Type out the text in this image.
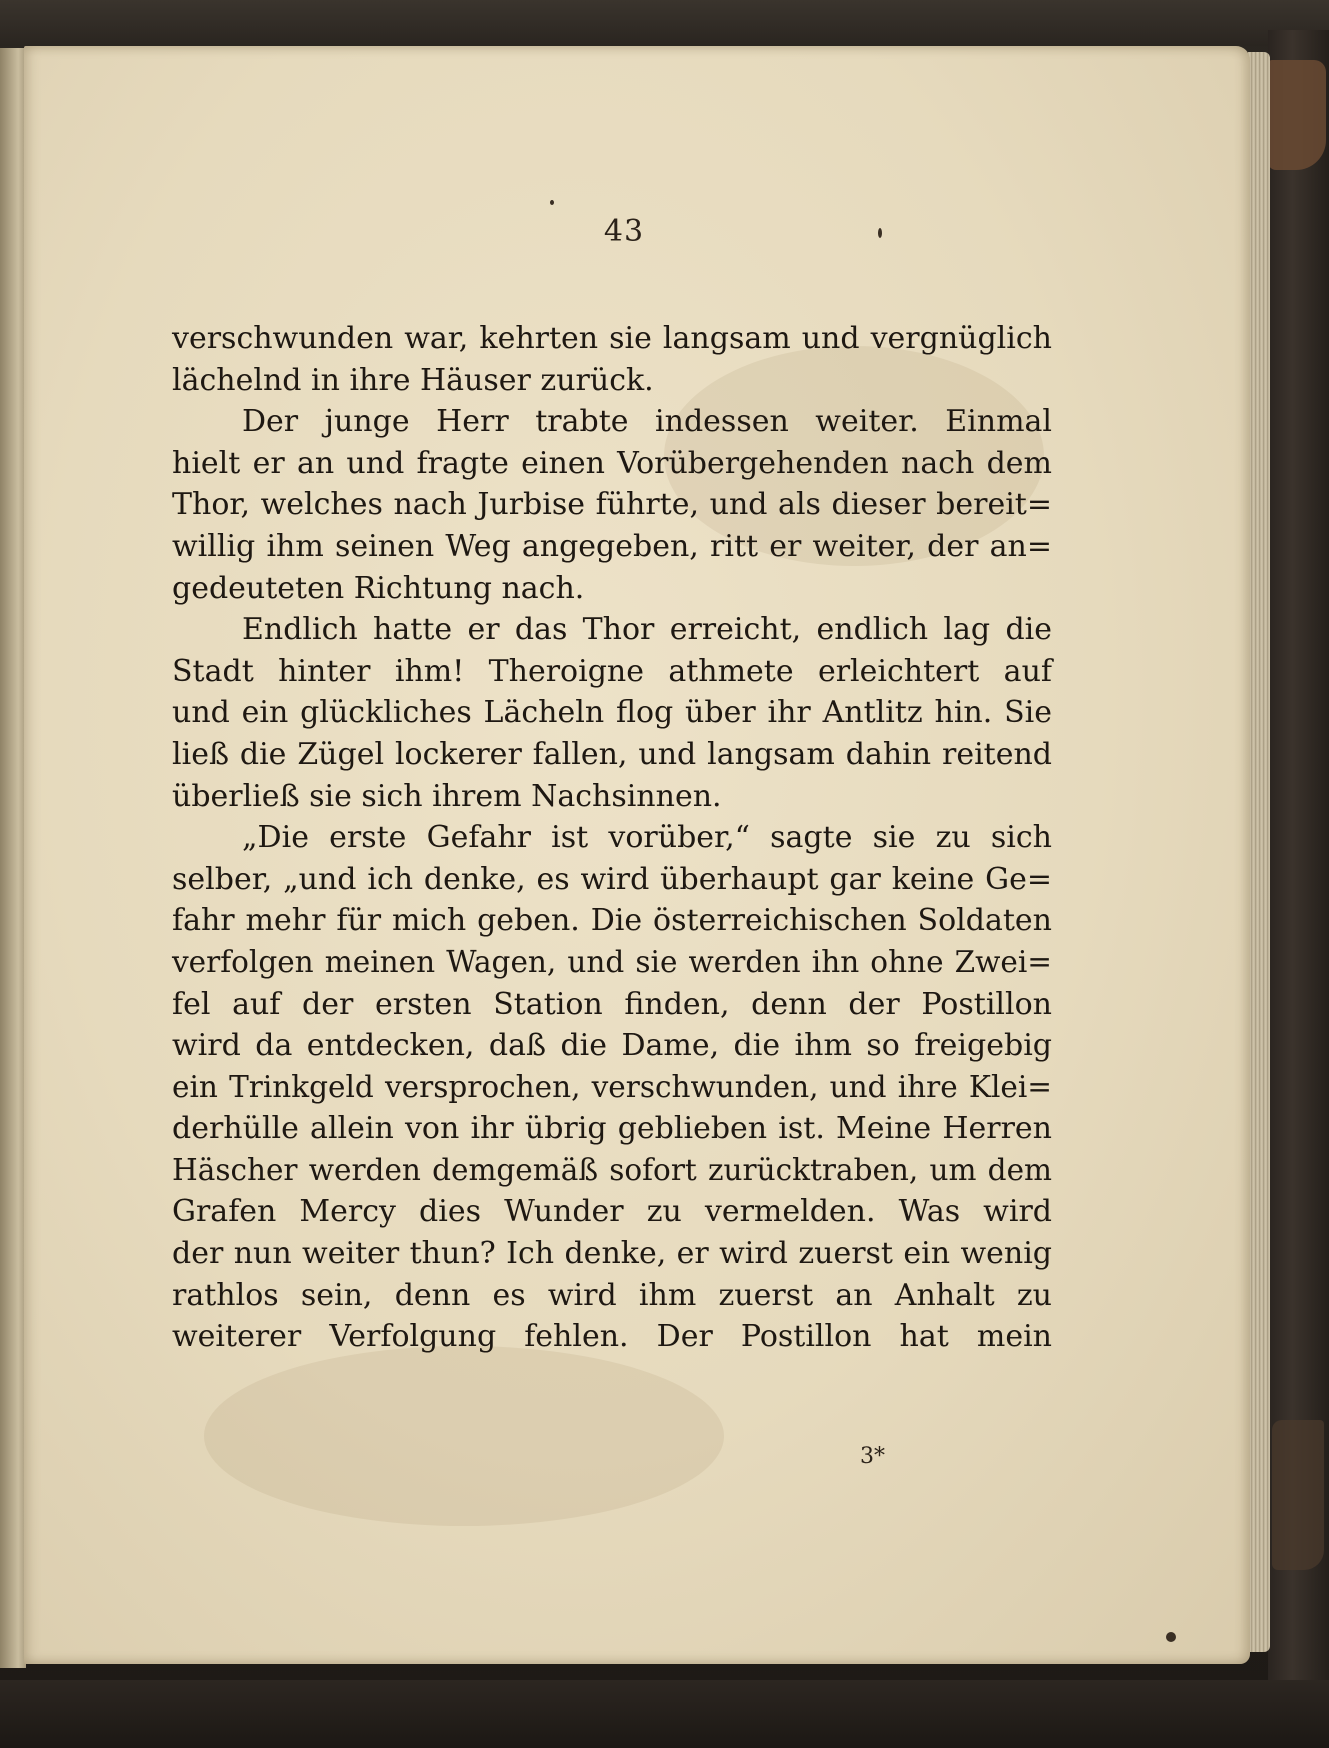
43
verschwunden war, kehrten sie langsam und vergnüglich
lächelnd in ihre Häuser zurück.
Der junge Herr trabte indessen weiter. Einmal
hielt er an und fragte einen Vorübergehenden nach dem
Thor, welches nach Jurbise führte, und als dieser bereit=
willig ihm seinen Weg angegeben, ritt er weiter, der an=
gedeuteten Richtung nach.
Endlich hatte er das Thor erreicht, endlich lag die
Stadt hinter ihm! Theroigne athmete erleichtert auf
und ein glückliches Lächeln flog über ihr Antlitz hin. Sie
ließ die Zügel lockerer fallen, und langsam dahin reitend
überließ sie sich ihrem Nachsinnen.
„Die erste Gefahr ist vorüber,“ sagte sie zu sich
selber, „und ich denke, es wird überhaupt gar keine Ge=
fahr mehr für mich geben. Die österreichischen Soldaten
verfolgen meinen Wagen, und sie werden ihn ohne Zwei=
fel auf der ersten Station finden, denn der Postillon
wird da entdecken, daß die Dame, die ihm so freigebig
ein Trinkgeld versprochen, verschwunden, und ihre Klei=
derhülle allein von ihr übrig geblieben ist. Meine Herren
Häscher werden demgemäß sofort zurücktraben, um dem
Grafen Mercy dies Wunder zu vermelden. Was wird
der nun weiter thun? Ich denke, er wird zuerst ein wenig
rathlos sein, denn es wird ihm zuerst an Anhalt zu
weiterer Verfolgung fehlen. Der Postillon hat mein
3*
